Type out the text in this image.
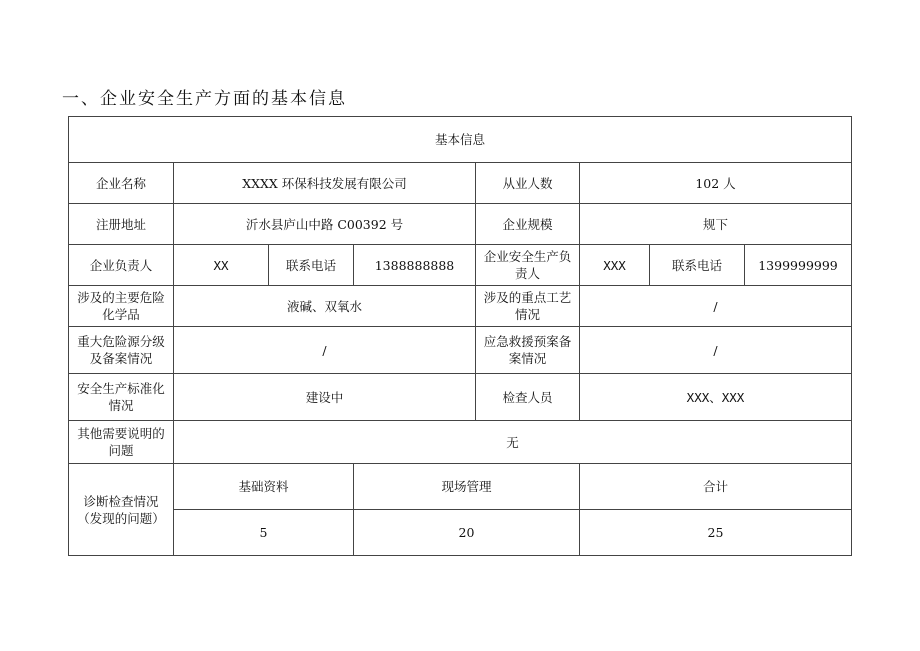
一、企业安全生产方面的基本信息
基本信息							
企业名称	XXXX 环保科技发展有限公司			从业人数	102 人		
注册地址	沂水县庐山中路 C00392 号			企业规模	规下		
企业负责人	XX	联系电话	1388888888	企业安全生产负责人	XXX	联系电话	1399999999
涉及的主要危险化学品	液碱、双氧水			涉及的重点工艺情况	/		
重大危险源分级及备案情况	/			应急救援预案备案情况	/		
安全生产标准化情况	建设中			检查人员	XXX、XXX		
其他需要说明的问题	无						
诊断检查情况（发现的问题）	基础资料		现场管理		合计		
	5		20		25		
